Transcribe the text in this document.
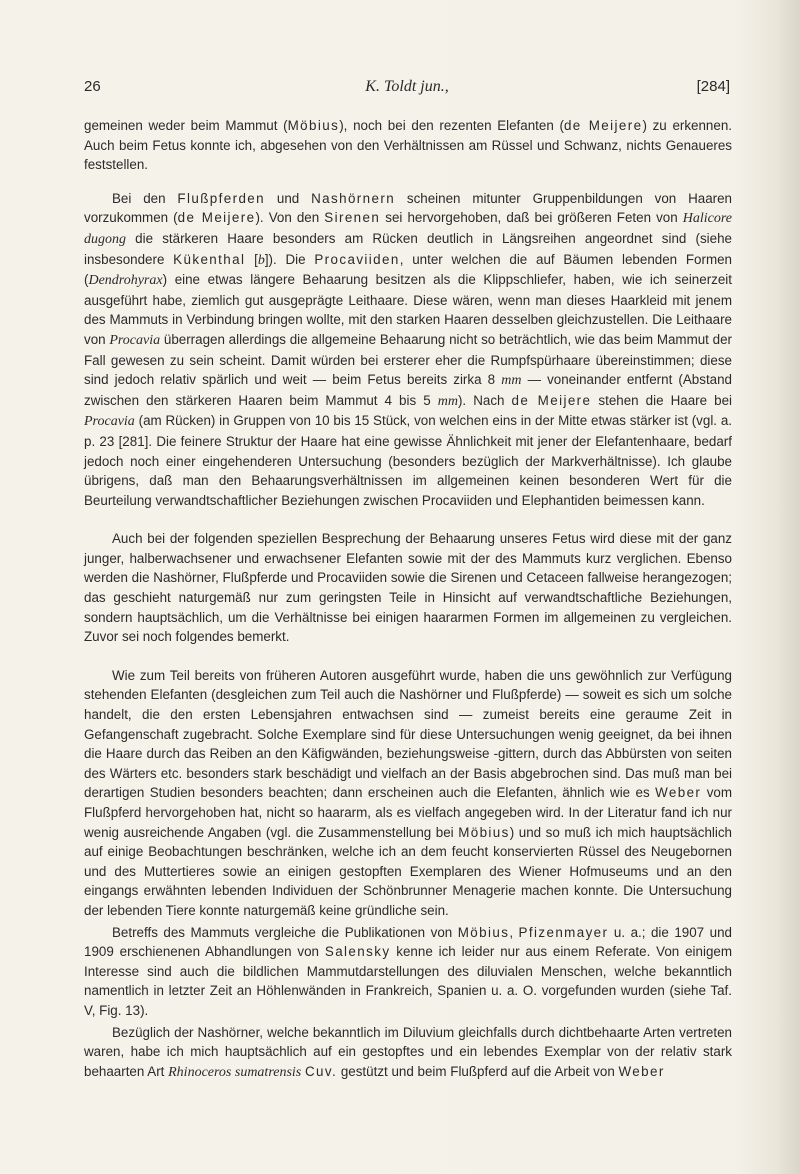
26	K. Toldt jun.,	[284]

gemeinen weder beim Mammut (Möbius), noch bei den rezenten Elefanten (de Meijere) zu erkennen. Auch beim Fetus konnte ich, abgesehen von den Verhältnissen am Rüssel und Schwanz, nichts Genaueres feststellen.

Bei den Flußpferden und Nashörnern scheinen mitunter Gruppenbildungen von Haaren vorzukommen (de Meijere). Von den Sirenen sei hervorgehoben, daß bei größeren Feten von Halicore dugong die stärkeren Haare besonders am Rücken deutlich in Längsreihen angeordnet sind (siehe insbesondere Kükenthal [b]). Die Procaviiden, unter welchen die auf Bäumen lebenden Formen (Dendrohyrax) eine etwas längere Behaarung besitzen als die Klippschliefer, haben, wie ich seinerzeit ausgeführt habe, ziemlich gut ausgeprägte Leithaare. Diese wären, wenn man dieses Haarkleid mit jenem des Mammuts in Verbindung bringen wollte, mit den starken Haaren desselben gleichzustellen. Die Leithaare von Procavia überragen allerdings die allgemeine Behaarung nicht so beträchtlich, wie das beim Mammut der Fall gewesen zu sein scheint. Damit würden bei ersterer eher die Rumpfspürhaare übereinstimmen; diese sind jedoch relativ spärlich und weit — beim Fetus bereits zirka 8 mm — voneinander entfernt (Abstand zwischen den stärkeren Haaren beim Mammut 4 bis 5 mm). Nach de Meijere stehen die Haare bei Procavia (am Rücken) in Gruppen von 10 bis 15 Stück, von welchen eins in der Mitte etwas stärker ist (vgl. a. p. 23 [281]. Die feinere Struktur der Haare hat eine gewisse Ähnlichkeit mit jener der Elefantenhaare, bedarf jedoch noch einer eingehenderen Untersuchung (besonders bezüglich der Markverhältnisse). Ich glaube übrigens, daß man den Behaarungsverhältnissen im allgemeinen keinen besonderen Wert für die Beurteilung verwandtschaftlicher Beziehungen zwischen Procaviiden und Elephantiden beimessen kann.

Auch bei der folgenden speziellen Besprechung der Behaarung unseres Fetus wird diese mit der ganz junger, halberwachsener und erwachsener Elefanten sowie mit der des Mammuts kurz verglichen. Ebenso werden die Nashörner, Flußpferde und Procaviiden sowie die Sirenen und Cetaceen fallweise herangezogen; das geschieht naturgemäß nur zum geringsten Teile in Hinsicht auf verwandtschaftliche Beziehungen, sondern hauptsächlich, um die Verhältnisse bei einigen haararmen Formen im allgemeinen zu vergleichen. Zuvor sei noch folgendes bemerkt.

Wie zum Teil bereits von früheren Autoren ausgeführt wurde, haben die uns gewöhnlich zur Verfügung stehenden Elefanten (desgleichen zum Teil auch die Nashörner und Flußpferde) — soweit es sich um solche handelt, die den ersten Lebensjahren entwachsen sind — zumeist bereits eine geraume Zeit in Gefangenschaft zugebracht. Solche Exemplare sind für diese Untersuchungen wenig geeignet, da bei ihnen die Haare durch das Reiben an den Käfigwänden, beziehungsweise -gittern, durch das Abbürsten von seiten des Wärters etc. besonders stark beschädigt und vielfach an der Basis abgebrochen sind. Das muß man bei derartigen Studien besonders beachten; dann erscheinen auch die Elefanten, ähnlich wie es Weber vom Flußpferd hervorgehoben hat, nicht so haararm, als es vielfach angegeben wird. In der Literatur fand ich nur wenig ausreichende Angaben (vgl. die Zusammenstellung bei Möbius) und so muß ich mich hauptsächlich auf einige Beobachtungen beschränken, welche ich an dem feucht konservierten Rüssel des Neugebornen und des Muttertieres sowie an einigen gestopften Exemplaren des Wiener Hofmuseums und an den eingangs erwähnten lebenden Individuen der Schönbrunner Menagerie machen konnte. Die Untersuchung der lebenden Tiere konnte naturgemäß keine gründliche sein.

Betreffs des Mammuts vergleiche die Publikationen von Möbius, Pfizenmayer u. a.; die 1907 und 1909 erschienenen Abhandlungen von Salensky kenne ich leider nur aus einem Referate. Von einigem Interesse sind auch die bildlichen Mammutdarstellungen des diluvialen Menschen, welche bekanntlich namentlich in letzter Zeit an Höhlenwänden in Frankreich, Spanien u. a. O. vorgefunden wurden (siehe Taf. V, Fig. 13).

Bezüglich der Nashörner, welche bekanntlich im Diluvium gleichfalls durch dichtbehaarte Arten vertreten waren, habe ich mich hauptsächlich auf ein gestopftes und ein lebendes Exemplar von der relativ stark behaarten Art Rhinoceros sumatrensis Cuv. gestützt und beim Flußpferd auf die Arbeit von Weber
